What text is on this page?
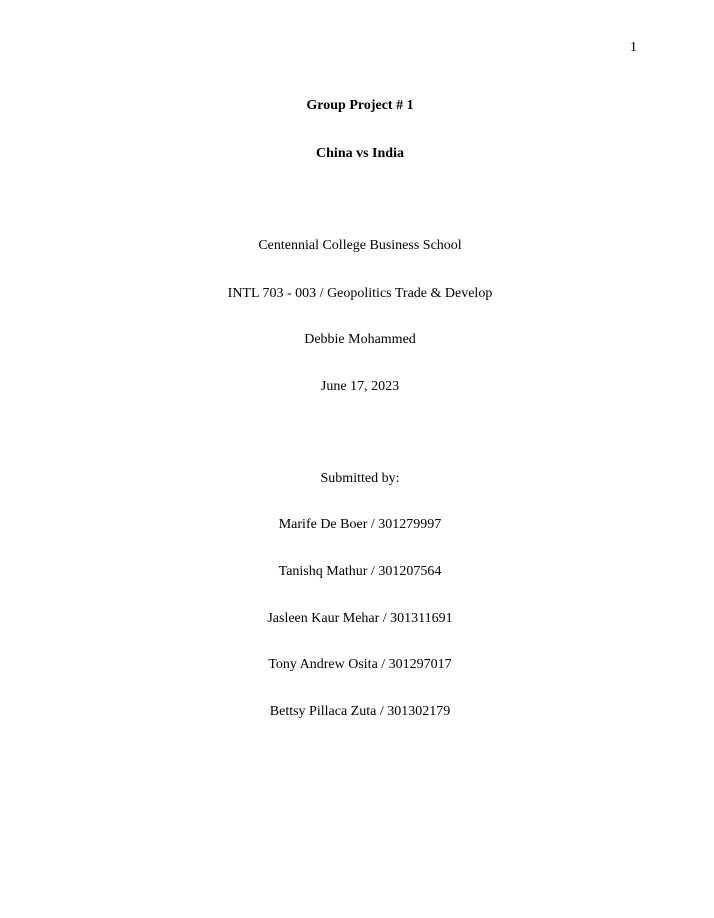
1
Group Project # 1
China vs India
Centennial College Business School
INTL 703 - 003 / Geopolitics Trade & Develop
Debbie Mohammed
June 17, 2023
Submitted by:
Marife De Boer / 301279997
Tanishq Mathur / 301207564
Jasleen Kaur Mehar / 301311691
Tony Andrew Osita / 301297017
Bettsy Pillaca Zuta / 301302179
